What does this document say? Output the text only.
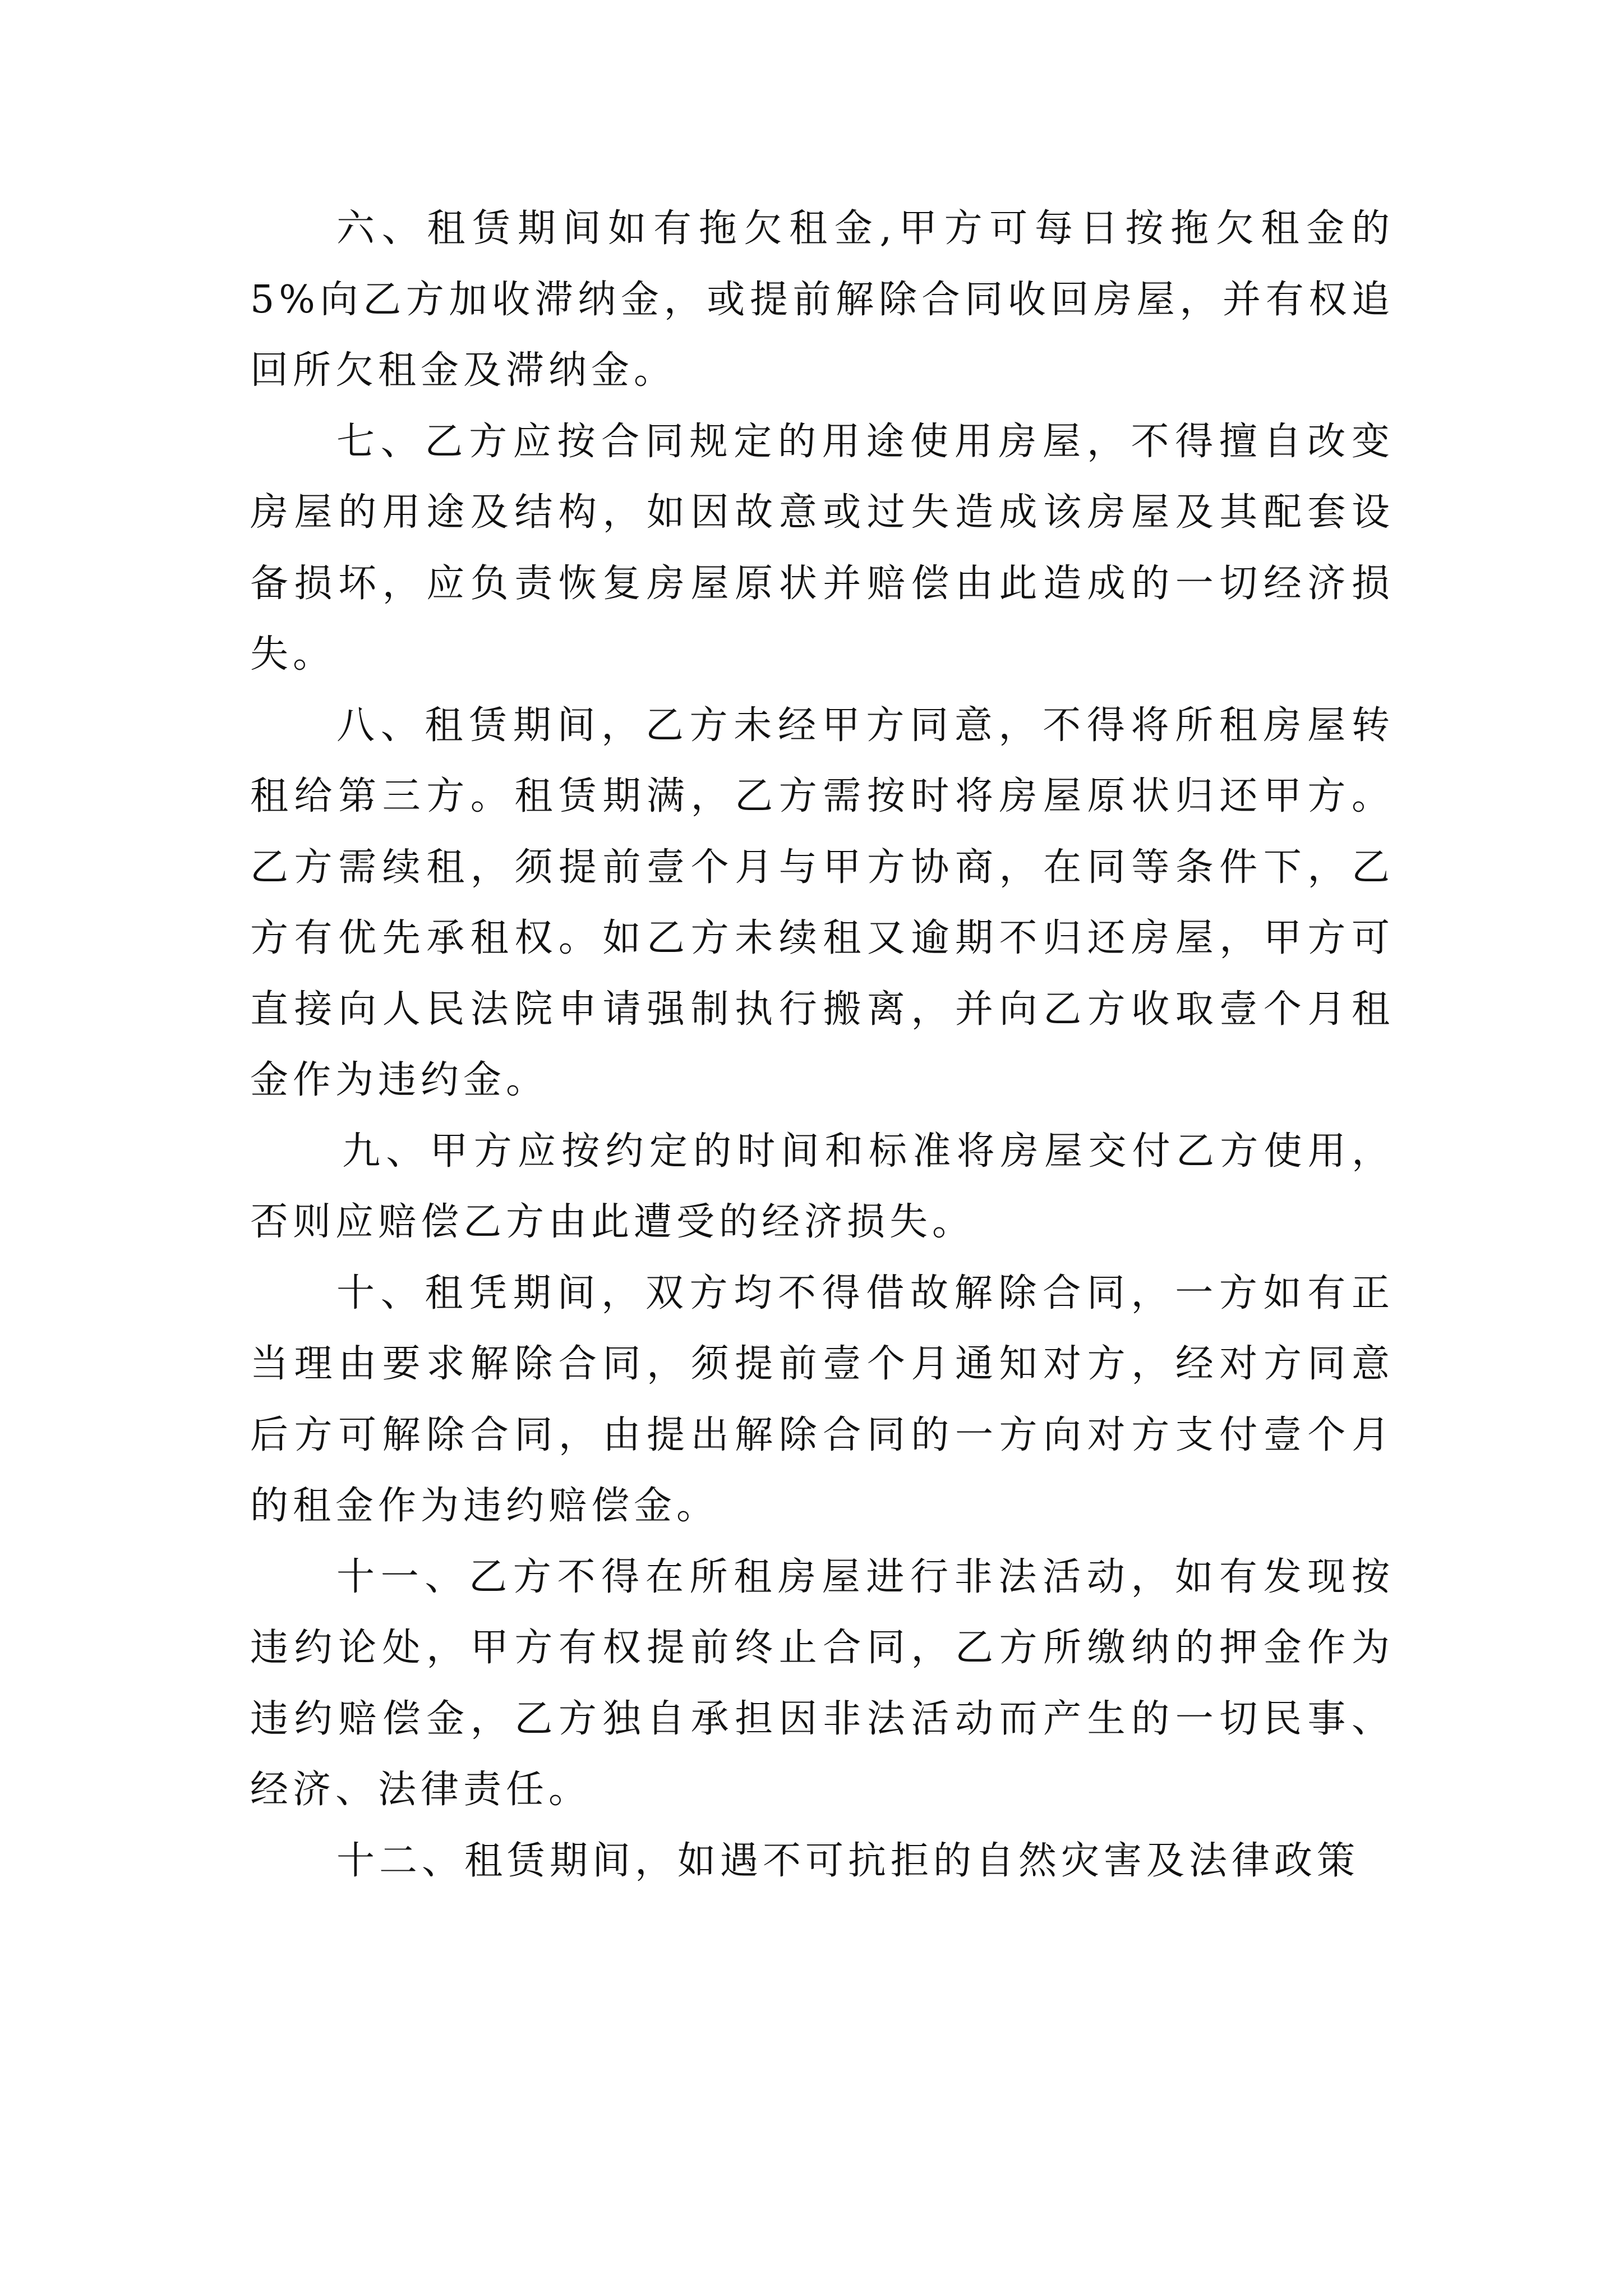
六、租赁期间如有拖欠租金,甲方可每日按拖欠租金的5%向乙方加收滞纳金，或提前解除合同收回房屋，并有权追回所欠租金及滞纳金。

七、乙方应按合同规定的用途使用房屋，不得擅自改变房屋的用途及结构，如因故意或过失造成该房屋及其配套设备损坏，应负责恢复房屋原状并赔偿由此造成的一切经济损失。

八、租赁期间，乙方未经甲方同意，不得将所租房屋转租给第三方。租赁期满，乙方需按时将房屋原状归还甲方。乙方需续租，须提前壹个月与甲方协商，在同等条件下，乙方有优先承租权。如乙方未续租又逾期不归还房屋，甲方可直接向人民法院申请强制执行搬离，并向乙方收取壹个月租金作为违约金。

九、甲方应按约定的时间和标准将房屋交付乙方使用，否则应赔偿乙方由此遭受的经济损失。

十、租凭期间，双方均不得借故解除合同，一方如有正当理由要求解除合同，须提前壹个月通知对方，经对方同意后方可解除合同，由提出解除合同的一方向对方支付壹个月的租金作为违约赔偿金。

十一、乙方不得在所租房屋进行非法活动，如有发现按违约论处，甲方有权提前终止合同，乙方所缴纳的押金作为违约赔偿金，乙方独自承担因非法活动而产生的一切民事、经济、法律责任。

十二、租赁期间，如遇不可抗拒的自然灾害及法律政策
